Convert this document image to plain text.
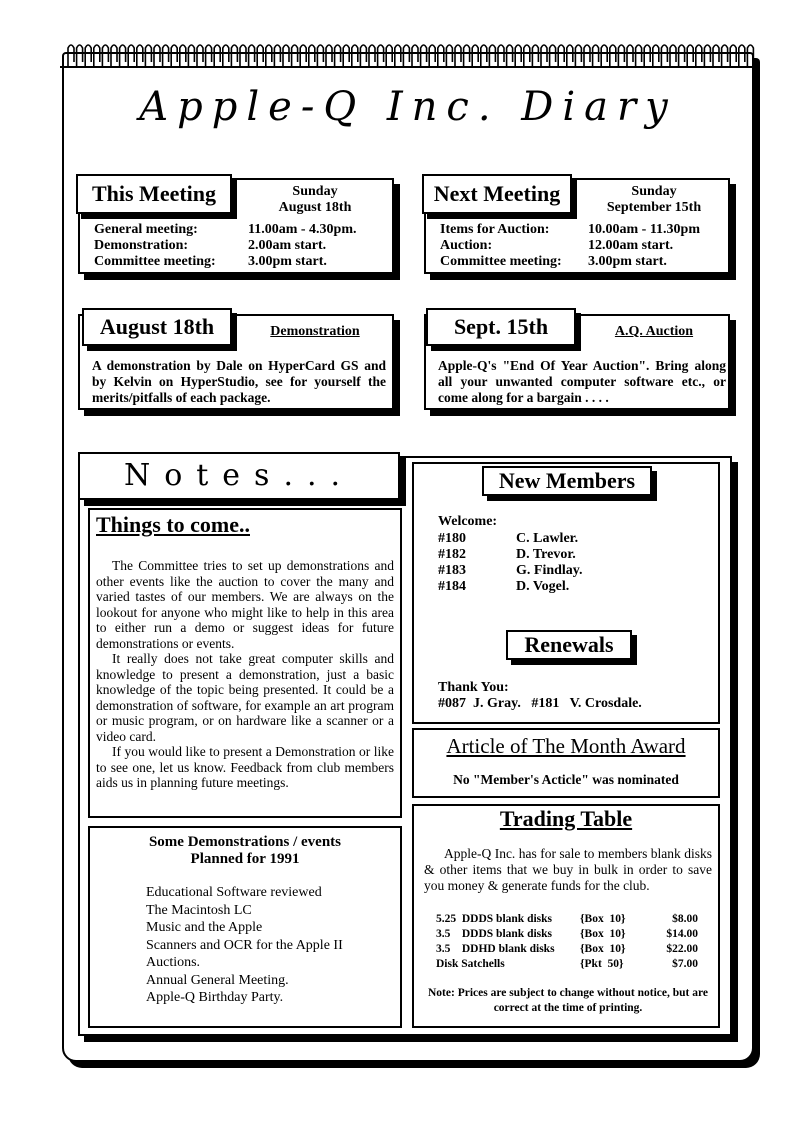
Apple-Q Inc. Diary
This Meeting	Sunday
August 18th
General meeting:	11.00am - 4.30pm.
Demonstration:	2.00am start.
Committee meeting:	3.00pm start.
Next Meeting	Sunday
September 15th
Items for Auction:	10.00am - 11.30pm
Auction:	12.00am start.
Committee meeting:	3.00pm start.
August 18th	Demonstration
A demonstration by Dale on HyperCard GS and by Kelvin on HyperStudio, see for yourself the merits/pitfalls of each package.
Sept. 15th	A.Q. Auction
Apple-Q's "End Of Year Auction". Bring along all your unwanted computer software etc., or come along for a bargain . . . .
Notes...
Things to come..

The Committee tries to set up demonstrations and other events like the auction to cover the many and varied tastes of our members. We are always on the lookout for anyone who might like to help in this area to either run a demo or suggest ideas for future demonstrations or events.

It really does not take great computer skills and knowledge to present a demonstration, just a basic knowledge of the topic being presented. It could be a demonstration of software, for example an art program or music program, or on hardware like a scanner or a video card.

If you would like to present a Demonstration or like to see one, let us know. Feedback from club members aids us in planning future meetings.

Some Demonstrations / events
Planned for 1991
Educational Software reviewed
The Macintosh LC
Music and the Apple
Scanners and OCR for the Apple II
Auctions.
Annual General Meeting.
Apple-Q Birthday Party.
New Members
Welcome:
#180	C. Lawler.
#182	D. Trevor.
#183	G. Findlay.
#184	D. Vogel.
Renewals
Thank You:
#087  J. Gray.   #181   V. Crosdale.
Article of The Month Award
No "Member's Acticle" was nominated
Trading Table
Apple-Q Inc. has for sale to members blank disks & other items that we buy in bulk in order to save you money & generate funds for the club.
5.25  DDDS blank disks	{Box  10}	$8.00
3.5    DDDS blank disks	{Box  10}	$14.00
3.5    DDHD blank disks	{Box  10}	$22.00
Disk Satchells	{Pkt  50}	$7.00
Note: Prices are subject to change without notice, but are correct at the time of printing.
